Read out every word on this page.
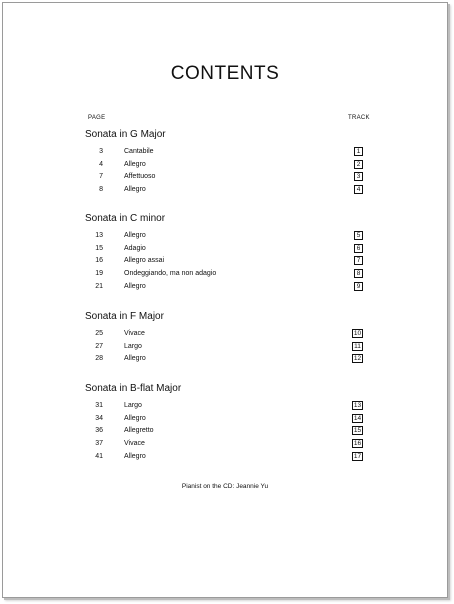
CONTENTS
PAGE	TRACK
Sonata in G Major
3	Cantabile	1
4	Allegro	2
7	Affettuoso	3
8	Allegro	4
Sonata in C minor
13	Allegro	5
15	Adagio	6
16	Allegro assai	7
19	Ondeggiando, ma non adagio	8
21	Allegro	9
Sonata in F Major
25	Vivace	10
27	Largo	11
28	Allegro	12
Sonata in B-flat Major
31	Largo	13
34	Allegro	14
36	Allegretto	15
37	Vivace	16
41	Allegro	17
Pianist on the CD: Jeannie Yu
